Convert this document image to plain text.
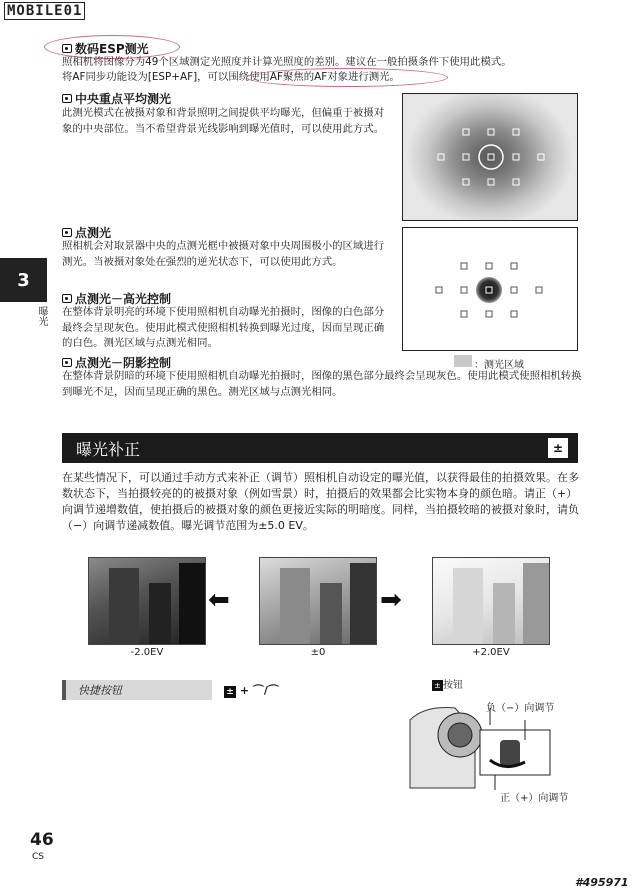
MOBILE01
数码ESP测光
照相机将图像分为49个区域测定光照度并计算光照度的差别。建议在一般拍摄条件下使用此模式。
将AF同步功能设为[ESP+AF]，可以围绕使用AF聚焦的AF对象进行测光。
中央重点平均测光
此测光模式在被摄对象和背景照明之间提供平均曝光，但偏重于被摄对象的中央部位。当不希望背景光线影响到曝光值时，可以使用此方式。
点测光
照相机会对取景器中央的点测光框中被摄对象中央周围极小的区域进行测光。当被摄对象处在强烈的逆光状态下，可以使用此方式。
点测光－高光控制
在整体背景明亮的环境下使用照相机自动曝光拍摄时，图像的白色部分最终会呈现灰色。使用此模式使照相机转换到曝光过度，因而呈现正确的白色。测光区域与点测光相同。
点测光－阴影控制
在整体背景阴暗的环境下使用照相机自动曝光拍摄时，图像的黑色部分最终会呈现灰色。使用此模式使照相机转换到曝光不足，因而呈现正确的黑色。测光区域与点测光相同。
：测光区域
3
曝光
曝光补正	±
在某些情况下，可以通过手动方式来补正（调节）照相机自动设定的曝光值，以获得最佳的拍摄效果。在多数状态下，当拍摄较亮的的被摄对象（例如雪景）时，拍摄后的效果都会比实物本身的颜色暗。请正（+）向调节递增数值，使拍摄后的被摄对象的颜色更接近实际的明暗度。同样，当拍摄较暗的被摄对象时，请负（−）向调节递减数值。曝光调节范围为±5.0 EV。
⬅	➡
-2.0EV	±0	+2.0EV
快捷按钮	± + ⌒/⌒	± 按钮
负（−）向调节
正（+）向调节
46
CS
#495971
